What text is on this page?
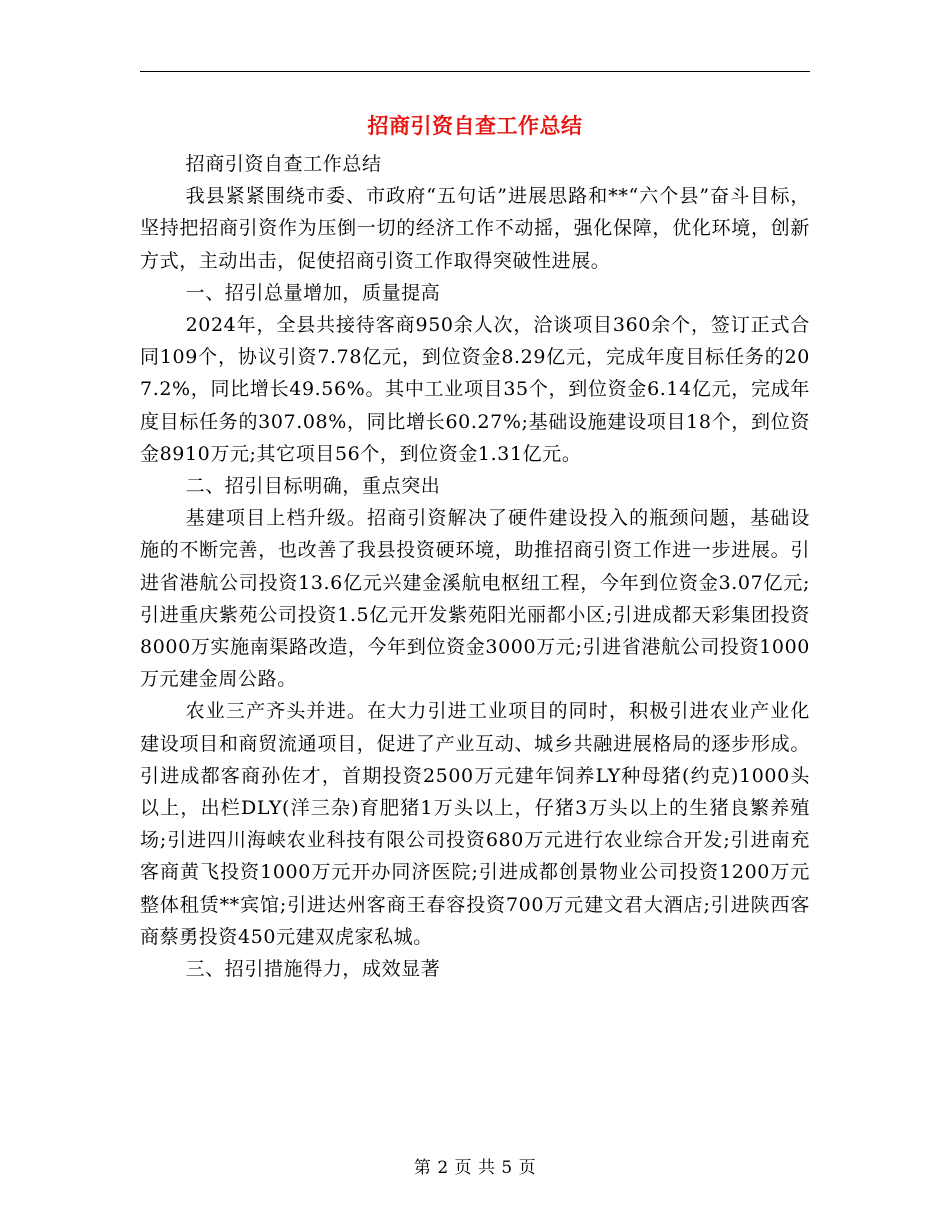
招商引资自查工作总结

招商引资自查工作总结

我县紧紧围绕市委、市政府“五句话”进展思路和**“六个县”奋斗目标，坚持把招商引资作为压倒一切的经济工作不动摇，强化保障，优化环境，创新方式，主动出击，促使招商引资工作取得突破性进展。

一、招引总量增加，质量提高

2024年，全县共接待客商950余人次，洽谈项目360余个，签订正式合同109个，协议引资7.78亿元，到位资金8.29亿元，完成年度目标任务的207.2%，同比增长49.56%。其中工业项目35个，到位资金6.14亿元，完成年度目标任务的307.08%，同比增长60.27%;基础设施建设项目18个，到位资金8910万元;其它项目56个，到位资金1.31亿元。

二、招引目标明确，重点突出

基建项目上档升级。招商引资解决了硬件建设投入的瓶颈问题，基础设施的不断完善，也改善了我县投资硬环境，助推招商引资工作进一步进展。引进省港航公司投资13.6亿元兴建金溪航电枢纽工程，今年到位资金3.07亿元;引进重庆紫苑公司投资1.5亿元开发紫苑阳光丽都小区;引进成都天彩集团投资 8000万实施南渠路改造，今年到位资金3000万元;引进省港航公司投资1000万元建金周公路。

农业三产齐头并进。在大力引进工业项目的同时，积极引进农业产业化建设项目和商贸流通项目，促进了产业互动、城乡共融进展格局的逐步形成。引进成都客商孙佐才，首期投资2500万元建年饲养LY种母猪(约克)1000头以上，出栏DLY(洋三杂)育肥猪1万头以上，仔猪3万头以上的生猪良繁养殖场;引进四川海峡农业科技有限公司投资680万元进行农业综合开发;引进南充客商黄飞投资1000万元开办同济医院;引进成都创景物业公司投资1200万元整体租赁**宾馆;引进达州客商王春容投资700万元建文君大酒店;引进陕西客商蔡勇投资450元建双虎家私城。

三、招引措施得力，成效显著

第 2 页 共 5 页
